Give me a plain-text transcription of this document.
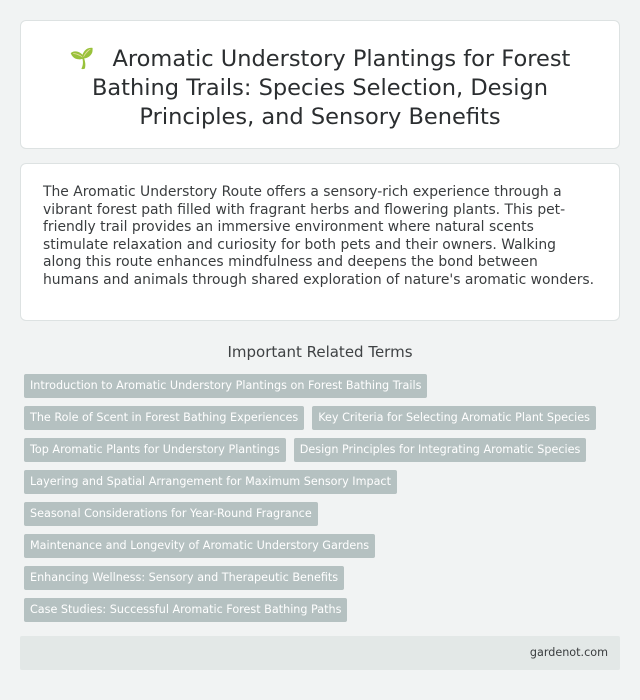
🌱 Aromatic Understory Plantings for Forest Bathing Trails: Species Selection, Design Principles, and Sensory Benefits

The Aromatic Understory Route offers a sensory-rich experience through a vibrant forest path filled with fragrant herbs and flowering plants. This pet-friendly trail provides an immersive environment where natural scents stimulate relaxation and curiosity for both pets and their owners. Walking along this route enhances mindfulness and deepens the bond between humans and animals through shared exploration of nature's aromatic wonders.

Important Related Terms
Introduction to Aromatic Understory Plantings on Forest Bathing Trails
The Role of Scent in Forest Bathing Experiences	Key Criteria for Selecting Aromatic Plant Species
Top Aromatic Plants for Understory Plantings	Design Principles for Integrating Aromatic Species
Layering and Spatial Arrangement for Maximum Sensory Impact
Seasonal Considerations for Year-Round Fragrance
Maintenance and Longevity of Aromatic Understory Gardens
Enhancing Wellness: Sensory and Therapeutic Benefits
Case Studies: Successful Aromatic Forest Bathing Paths
gardenot.com
